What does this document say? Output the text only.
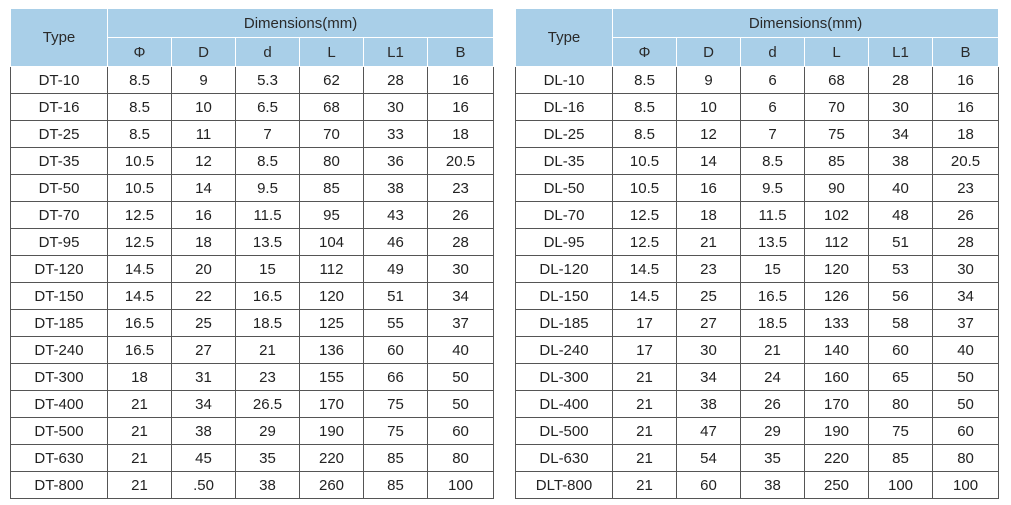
Type	Dimensions(mm)					
	Φ	D	d	L	L1	B
DT-10	8.5	9	5.3	62	28	16
DT-16	8.5	10	6.5	68	30	16
DT-25	8.5	11	7	70	33	18
DT-35	10.5	12	8.5	80	36	20.5
DT-50	10.5	14	9.5	85	38	23
DT-70	12.5	16	11.5	95	43	26
DT-95	12.5	18	13.5	104	46	28
DT-120	14.5	20	15	112	49	30
DT-150	14.5	22	16.5	120	51	34
DT-185	16.5	25	18.5	125	55	37
DT-240	16.5	27	21	136	60	40
DT-300	18	31	23	155	66	50
DT-400	21	34	26.5	170	75	50
DT-500	21	38	29	190	75	60
DT-630	21	45	35	220	85	80
DT-800	21	.50	38	260	85	100
Type	Dimensions(mm)					
	Φ	D	d	L	L1	B
DL-10	8.5	9	6	68	28	16
DL-16	8.5	10	6	70	30	16
DL-25	8.5	12	7	75	34	18
DL-35	10.5	14	8.5	85	38	20.5
DL-50	10.5	16	9.5	90	40	23
DL-70	12.5	18	11.5	102	48	26
DL-95	12.5	21	13.5	112	51	28
DL-120	14.5	23	15	120	53	30
DL-150	14.5	25	16.5	126	56	34
DL-185	17	27	18.5	133	58	37
DL-240	17	30	21	140	60	40
DL-300	21	34	24	160	65	50
DL-400	21	38	26	170	80	50
DL-500	21	47	29	190	75	60
DL-630	21	54	35	220	85	80
DLT-800	21	60	38	250	100	100
